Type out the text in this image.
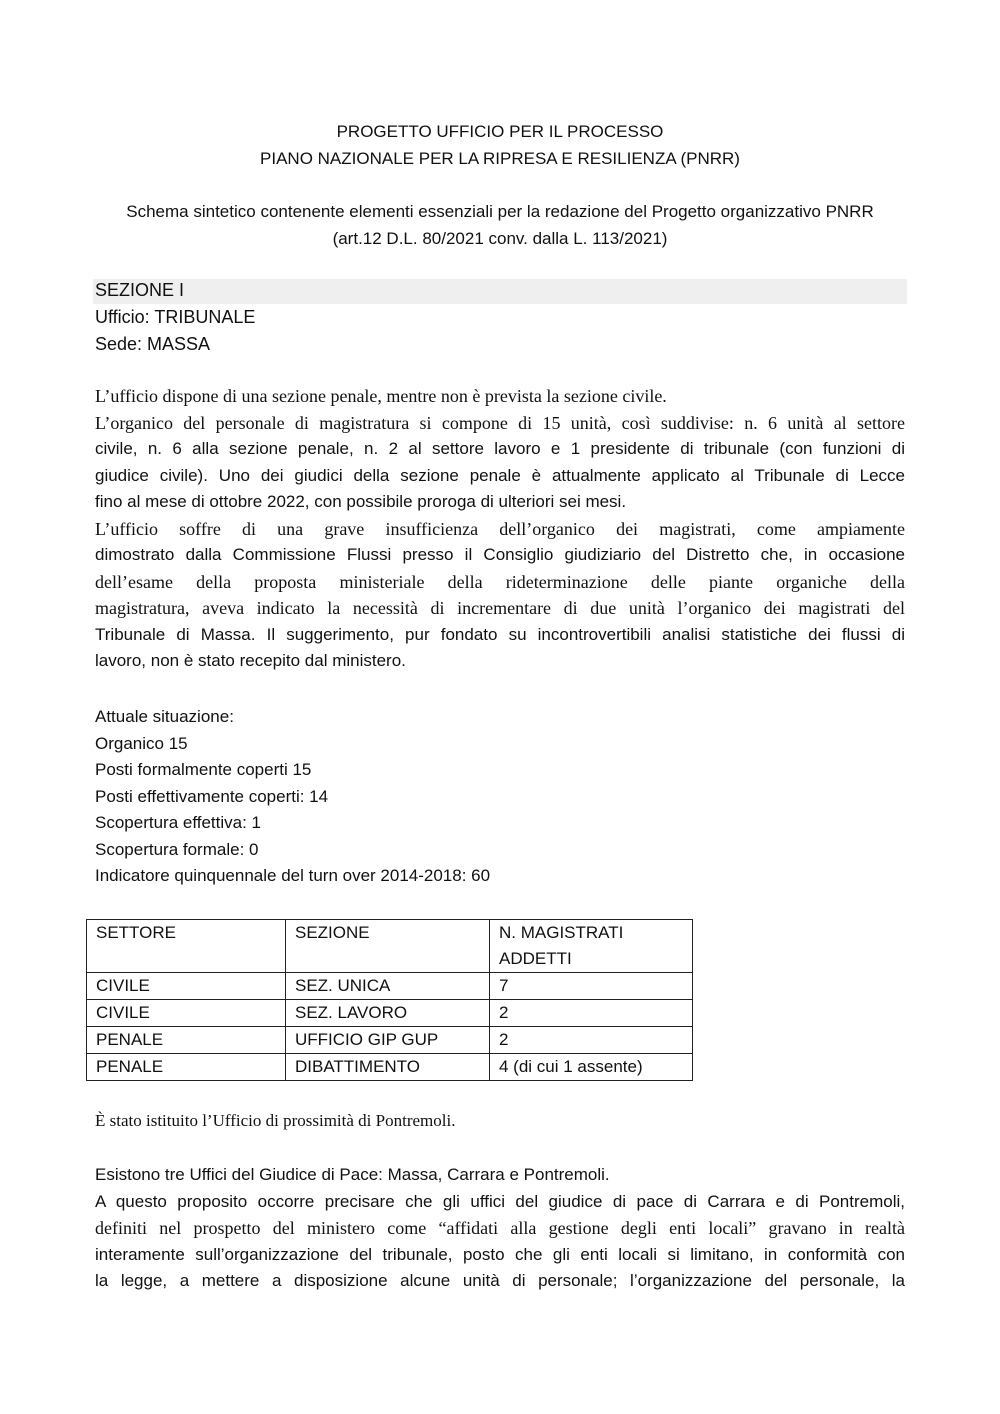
PROGETTO UFFICIO PER IL PROCESSO
PIANO NAZIONALE PER LA RIPRESA E RESILIENZA (PNRR)
Schema sintetico contenente elementi essenziali per la redazione del Progetto organizzativo PNRR
(art.12 D.L. 80/2021 conv. dalla L. 113/2021)
SEZIONE I
Ufficio: TRIBUNALE
Sede: MASSA
L’ufficio dispone di una sezione penale, mentre non è prevista la sezione civile.
L’organico del personale di magistratura si compone di 15 unità, così suddivise: n. 6 unità al settore
civile, n. 6 alla sezione penale, n. 2 al settore lavoro e 1 presidente di tribunale (con funzioni di
giudice civile). Uno dei giudici della sezione penale è attualmente applicato al Tribunale di Lecce
fino al mese di ottobre 2022, con possibile proroga di ulteriori sei mesi.
L’ufficio soffre di una grave insufficienza dell’organico dei magistrati, come ampiamente
dimostrato dalla Commissione Flussi presso il Consiglio giudiziario del Distretto che, in occasione
dell’esame della proposta ministeriale della rideterminazione delle piante organiche della
magistratura, aveva indicato la necessità di incrementare di due unità l’organico dei magistrati del
Tribunale di Massa. Il suggerimento, pur fondato su incontrovertibili analisi statistiche dei flussi di
lavoro, non è stato recepito dal ministero.
Attuale situazione:
Organico 15
Posti formalmente coperti 15
Posti effettivamente coperti: 14
Scopertura effettiva: 1
Scopertura formale: 0
Indicatore quinquennale del turn over 2014-2018: 60
SETTORE	SEZIONE	N. MAGISTRATI
ADDETTI

CIVILE	SEZ. UNICA	7
CIVILE	SEZ. LAVORO	2
PENALE	UFFICIO GIP GUP	2
PENALE	DIBATTIMENTO	4 (di cui 1 assente)
È stato istituito l’Ufficio di prossimità di Pontremoli.
Esistono tre Uffici del Giudice di Pace: Massa, Carrara e Pontremoli.
A questo proposito occorre precisare che gli uffici del giudice di pace di Carrara e di Pontremoli,
definiti nel prospetto del ministero come “affidati alla gestione degli enti locali” gravano in realtà
interamente sull’organizzazione del tribunale, posto che gli enti locali si limitano, in conformità con
la legge, a mettere a disposizione alcune unità di personale; l’organizzazione del personale, la
